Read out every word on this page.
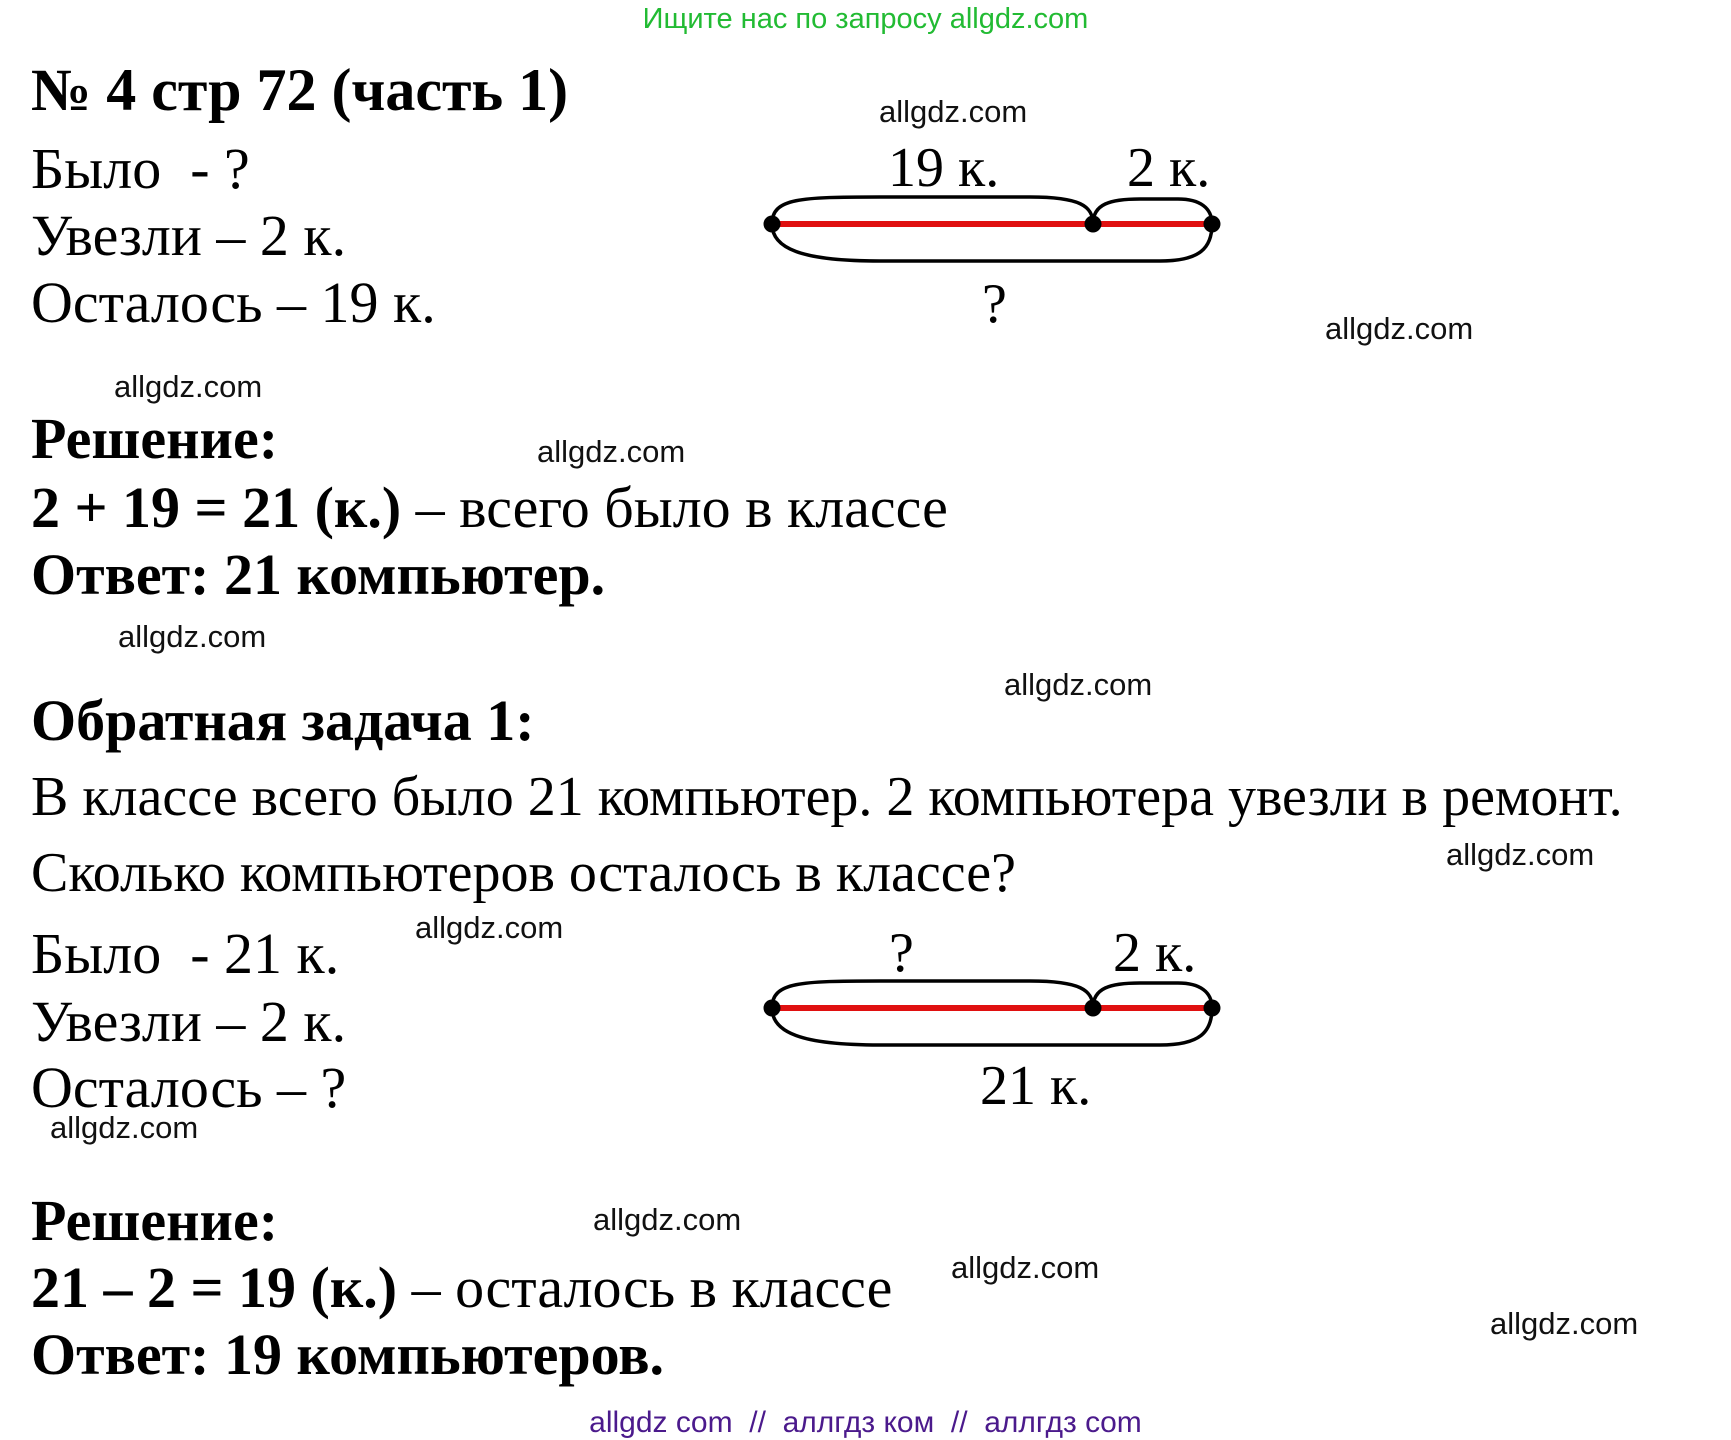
Ищите нас по запросу allgdz.com
allgdz com  //  аллгдз ком  //  аллгдз com
allgdz.com
allgdz.com
allgdz.com
allgdz.com
allgdz.com
allgdz.com
allgdz.com
allgdz.com
allgdz.com
allgdz.com
allgdz.com
allgdz.com
№ 4 стр 72 (часть 1)
Было  - ?
Увезли – 2 к.
Осталось – 19 к.
19 к. 2 к.
?
Решение:
2 + 19 = 21 (к.) – всего было в классе
Ответ: 21 компьютер.
Обратная задача 1:
В классе всего было 21 компьютер. 2 компьютера увезли в ремонт.
Сколько компьютеров осталось в классе?
Было  - 21 к.
Увезли – 2 к.
Осталось – ?
?	2 к.
21 к.
Решение:
21 – 2 = 19 (к.) – осталось в классе
Ответ: 19 компьютеров.
